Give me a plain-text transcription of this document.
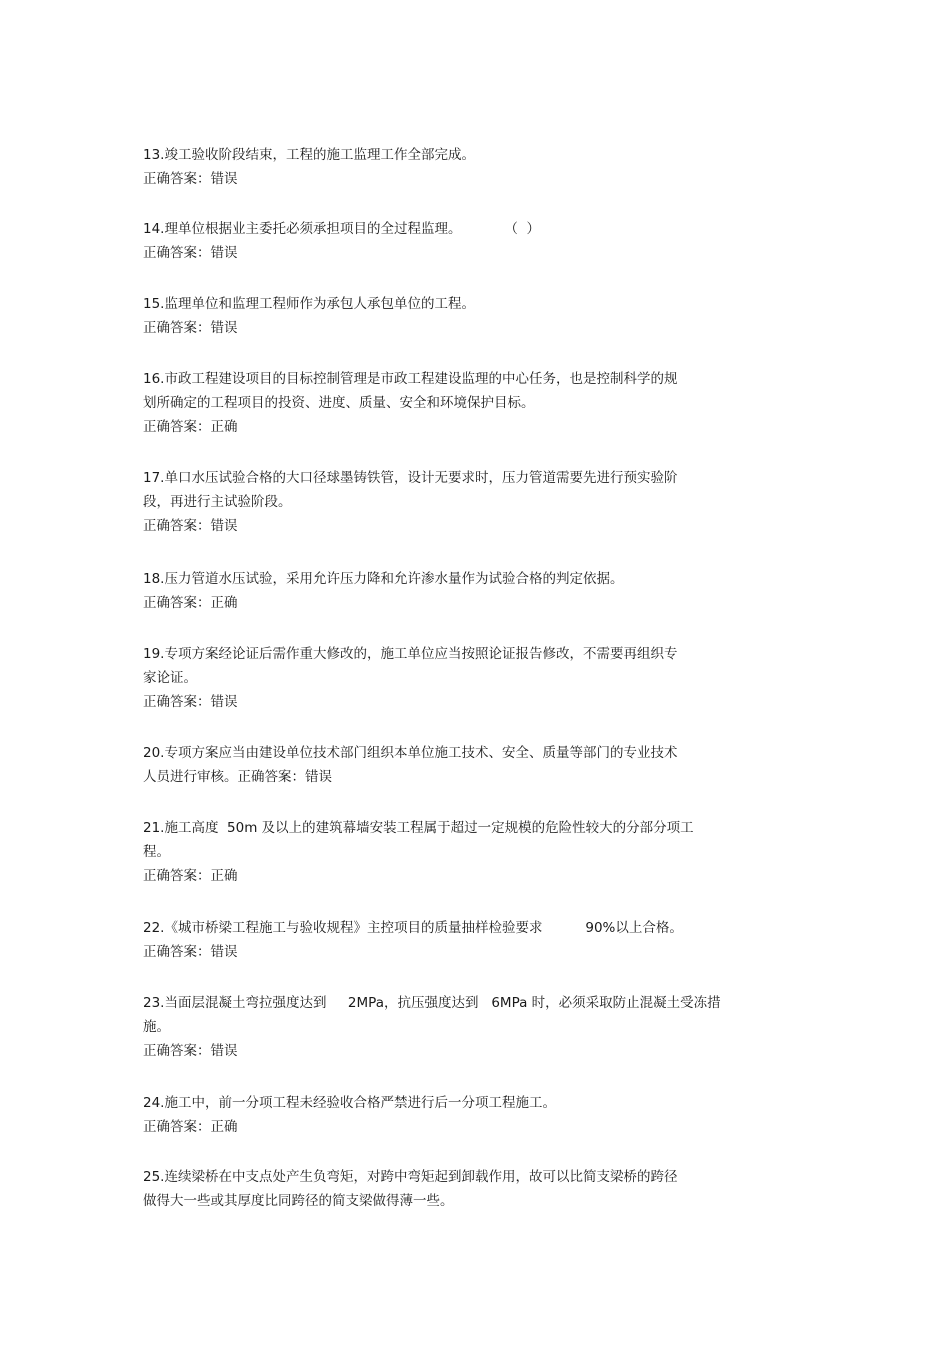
13.竣工验收阶段结束，工程的施工监理工作全部完成。
正确答案：错误
14.理单位根据业主委托必须承担项目的全过程监理。          （  ）
正确答案：错误
15.监理单位和监理工程师作为承包人承包单位的工程。
正确答案：错误
16.市政工程建设项目的目标控制管理是市政工程建设监理的中心任务，也是控制科学的规
划所确定的工程项目的投资、进度、质量、安全和环境保护目标。
正确答案：正确
17.单口水压试验合格的大口径球墨铸铁管，设计无要求时，压力管道需要先进行预实验阶
段，再进行主试验阶段。
正确答案：错误
18.压力管道水压试验，采用允许压力降和允许渗水量作为试验合格的判定依据。
正确答案：正确
19.专项方案经论证后需作重大修改的，施工单位应当按照论证报告修改，不需要再组织专
家论证。
正确答案：错误
20.专项方案应当由建设单位技术部门组织本单位施工技术、安全、质量等部门的专业技术
人员进行审核。正确答案：错误
21.施工高度  50m 及以上的建筑幕墙安装工程属于超过一定规模的危险性较大的分部分项工
程。
正确答案：正确
22.《城市桥梁工程施工与验收规程》主控项目的质量抽样检验要求          90%以上合格。
正确答案：错误
23.当面层混凝土弯拉强度达到     2MPa，抗压强度达到   6MPa 时，必须采取防止混凝土受冻措
施。
正确答案：错误
24.施工中，前一分项工程未经验收合格严禁进行后一分项工程施工。
正确答案：正确
25.连续梁桥在中支点处产生负弯矩，对跨中弯矩起到卸载作用，故可以比简支梁桥的跨径
做得大一些或其厚度比同跨径的简支梁做得薄一些。
